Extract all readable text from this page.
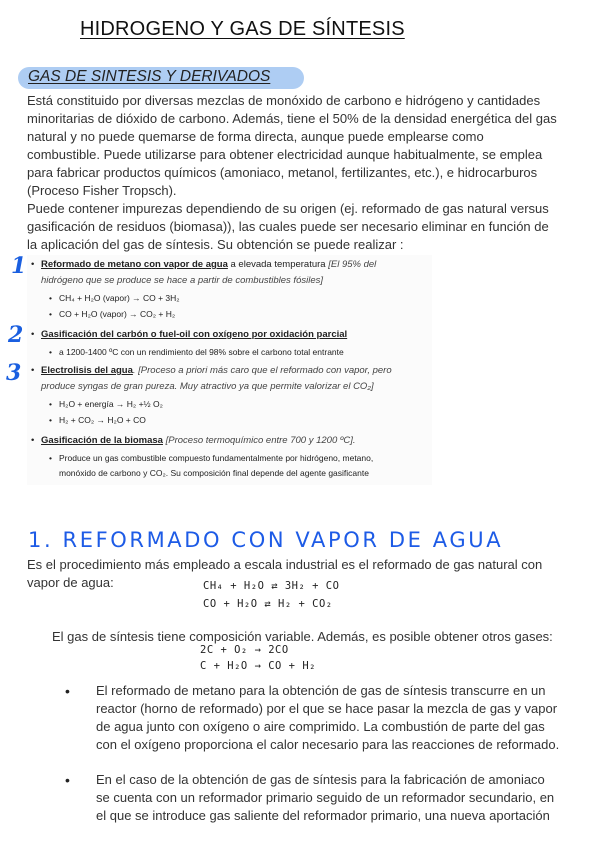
HIDROGENO Y GAS DE SÍNTESIS
GAS DE SINTESIS Y DERIVADOS
Está constituido por diversas mezclas de monóxido de carbono e hidrógeno y cantidades
minoritarias de dióxido de carbono. Además, tiene el 50% de la densidad energética del gas
natural y no puede quemarse de forma directa, aunque puede emplearse como
combustible. Puede utilizarse para obtener electricidad aunque habitualmente, se emplea
para fabricar productos químicos (amoniaco, metanol, fertilizantes, etc.), e hidrocarburos
(Proceso Fisher Tropsch).
Puede contener impurezas dependiendo de su origen (ej. reformado de gas natural versus
gasificación de residuos (biomasa)), las cuales puede ser necesario eliminar en función de
la aplicación del gas de síntesis. Su obtención se puede realizar :
• Reformado de metano con vapor de agua a elevada temperatura [El 95% del
hidrógeno que se produce se hace a partir de combustibles fósiles]
• CH₄ + H₂O (vapor) → CO + 3H₂
• CO + H₂O (vapor) → CO₂ + H₂
• Gasificación del carbón o fuel-oil con oxígeno por oxidación parcial
• a 1200-1400 ºC con un rendimiento del 98% sobre el carbono total entrante
• Electrolisis del agua. [Proceso a priori más caro que el reformado con vapor, pero
produce syngas de gran pureza. Muy atractivo ya que permite valorizar el CO₂]
• H₂O + energía → H₂ +½ O₂
• H₂ + CO₂ → H₂O + CO
• Gasificación de la biomasa [Proceso termoquímico entre 700 y 1200 ºC].
• Produce un gas combustible compuesto fundamentalmente por hidrógeno, metano,
monóxido de carbono y CO₂. Su composición final depende del agente gasificante
1
2
3
1. REFORMADO CON VAPOR DE AGUA
Es el procedimiento más empleado a escala industrial es el reformado de gas natural con
vapor de agua:	CH₄ + H₂O ⇄ 3H₂ + CO
CO + H₂O ⇄ H₂ + CO₂
El gas de síntesis tiene composición variable. Además, es posible obtener otros gases:
2C + O₂ → 2CO
C + H₂O → CO + H₂
• El reformado de metano para la obtención de gas de síntesis transcurre en un
reactor (horno de reformado) por el que se hace pasar la mezcla de gas y vapor
de agua junto con oxígeno o aire comprimido. La combustión de parte del gas
con el oxígeno proporciona el calor necesario para las reacciones de reformado.
• En el caso de la obtención de gas de síntesis para la fabricación de amoniaco
se cuenta con un reformador primario seguido de un reformador secundario, en
el que se introduce gas saliente del reformador primario, una nueva aportación
